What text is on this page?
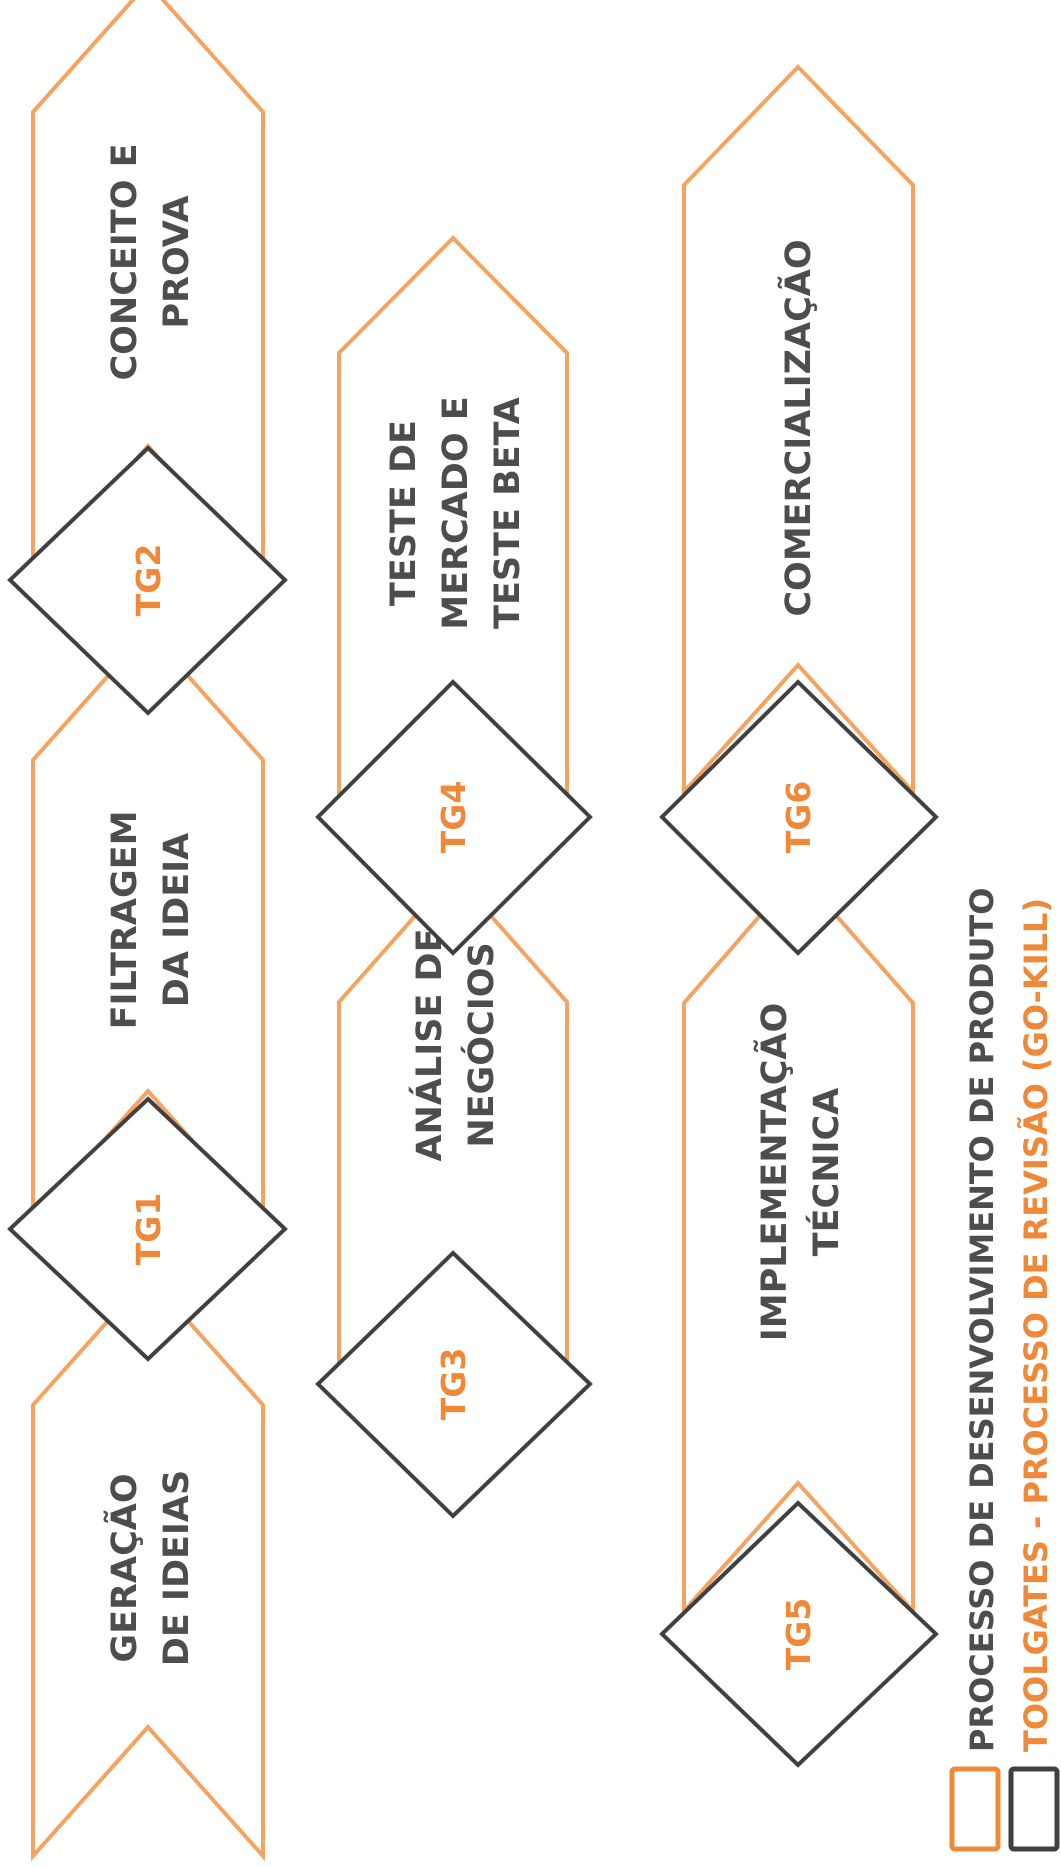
GERAÇÃO DE IDEIAS
FILTRAGEM DA IDEIA
CONCEITO E PROVA
ANÁLISE DE NEGÓCIOS
TESTE DE MERCADO E TESTE BETA
IMPLEMENTAÇÃO TÉCNICA
COMERCIALIZAÇÃO
TG1
TG2
TG3
TG4
TG5
TG6
PROCESSO DE DESENVOLVIMENTO DE PRODUTO TOOLGATES - PROCESSO DE REVISÃO (GO-KILL)
